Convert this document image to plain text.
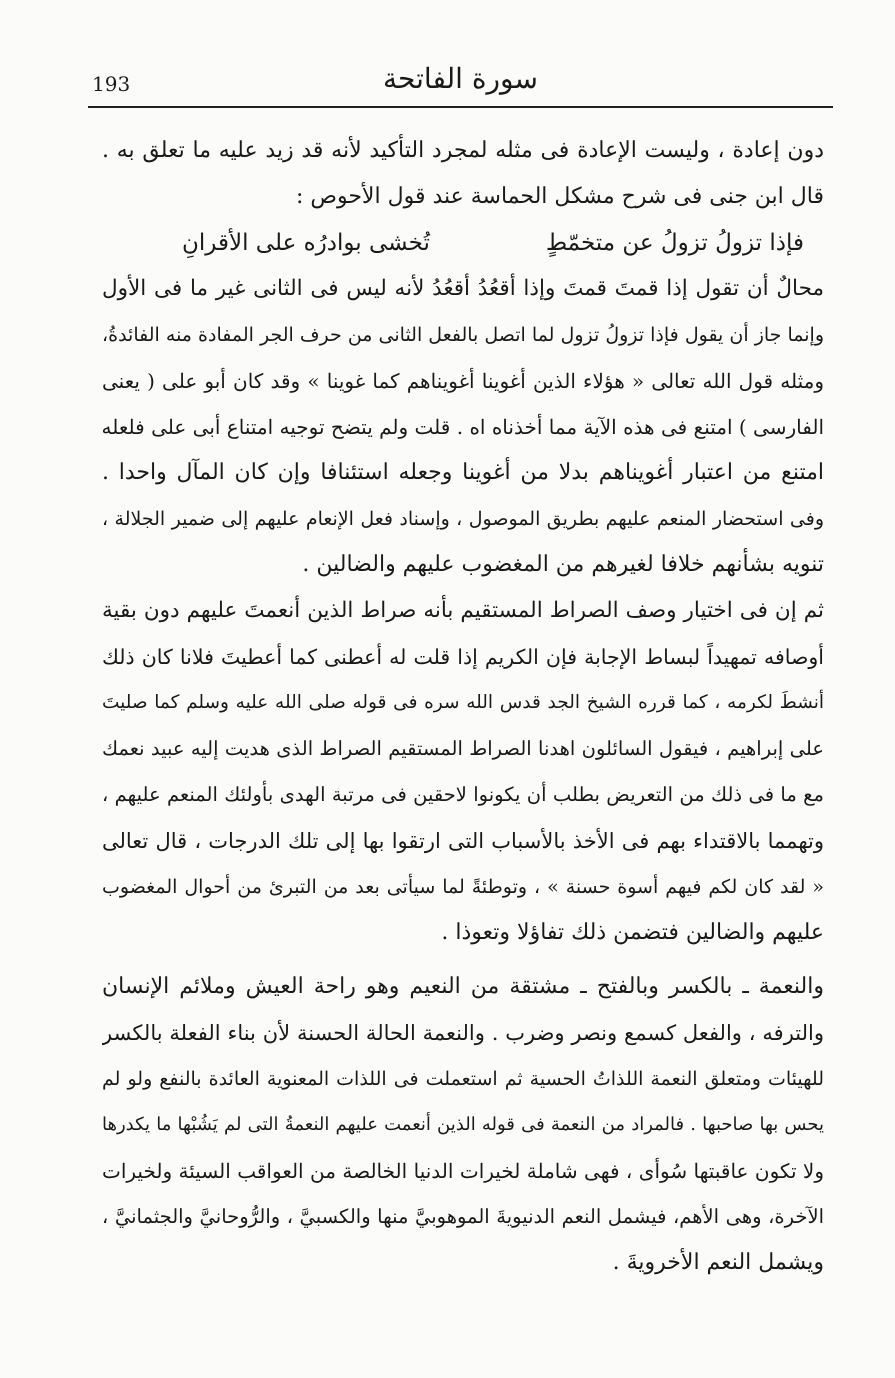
193	سورة الفاتحة
دون إعادة ، وليست الإعادة فى مثله لمجرد التأكيد لأنه قد زيد عليه ما تعلق به .
قال ابن جنى فى شرح مشكل الحماسة عند قول الأحوص :
فإذا تزولُ تزولُ عن متخمّطٍ
تُخشى بوادرُه على الأقرانِ
محالٌ أن تقول إذا قمتَ قمتَ وإذا أقعُدُ أقعُدُ لأنه ليس فى الثانى غير ما فى الأول
وإنما جاز أن يقول فإذا تزولُ تزول لما اتصل بالفعل الثانى من حرف الجر المفادة منه الفائدةُ،
ومثله قول الله تعالى « هؤلاء الذين أغوينا أغويناهم كما غوينا » وقد كان أبو على ( يعنى
الفارسى ) امتنع فى هذه الآية مما أخذناه اه . قلت ولم يتضح توجيه امتناع أبى على فلعله
امتنع من اعتبار أغويناهم بدلا من أغوينا وجعله استئنافا وإن كان المآل واحدا .
وفى استحضار المنعم عليهم بطريق الموصول ، وإسناد فعل الإنعام عليهم إلى ضمير الجلالة ،
تنويه بشأنهم خلافا لغيرهم من المغضوب عليهم والضالين .
ثم إن فى اختيار وصف الصراط المستقيم بأنه صراط الذين أنعمتَ عليهم دون بقية
أوصافه تمهيداً لبساط الإجابة فإن الكريم إذا قلت له أعطنى كما أعطيتَ فلانا كان ذلك
أنشطَ لكرمه ، كما قرره الشيخ الجد قدس الله سره فى قوله صلى الله عليه وسلم كما صليتَ
على إبراهيم ، فيقول السائلون اهدنا الصراط المستقيم الصراط الذى هديت إليه عبيد نعمك
مع ما فى ذلك من التعريض بطلب أن يكونوا لاحقين فى مرتبة الهدى بأولئك المنعم عليهم ،
وتهمما بالاقتداء بهم فى الأخذ بالأسباب التى ارتقوا بها إلى تلك الدرجات ، قال تعالى
« لقد كان لكم فيهم أسوة حسنة » ، وتوطئةً لما سيأتى بعد من التبرئ من أحوال المغضوب
عليهم والضالين فتضمن ذلك تفاؤلا وتعوذا .
والنعمة ـ بالكسر وبالفتح ـ مشتقة من النعيم وهو راحة العيش وملائم الإنسان
والترفه ، والفعل كسمع ونصر وضرب . والنعمة الحالة الحسنة لأن بناء الفعلة بالكسر
للهيئات ومتعلق النعمة اللذاتُ الحسية ثم استعملت فى اللذات المعنوية العائدة بالنفع ولو لم
يحس بها صاحبها . فالمراد من النعمة فى قوله الذين أنعمت عليهم النعمةُ التى لم يَشُبْها ما يكدرها
ولا تكون عاقبتها سُوأى ، فهى شاملة لخيرات الدنيا الخالصة من العواقب السيئة ولخيرات
الآخرة، وهى الأهم، فيشمل النعم الدنيويةَ الموهوبيَّ منها والكسبيَّ ، والرُّوحانيَّ والجثمانيَّ ،
ويشمل النعم الأخرويةَ .
